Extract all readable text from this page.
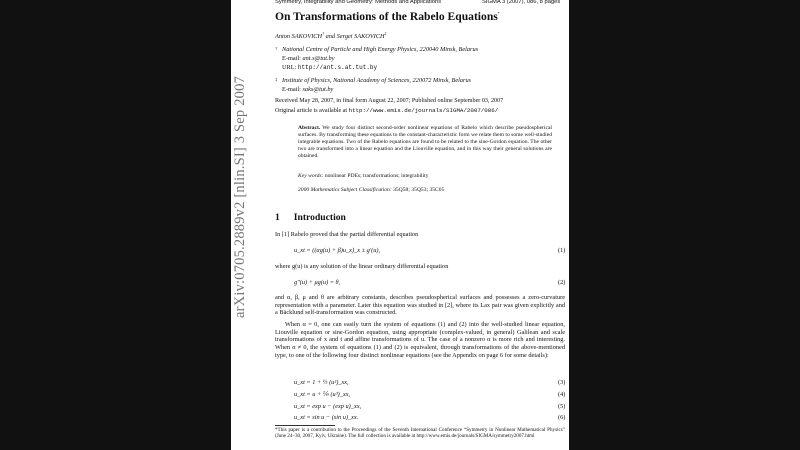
Symmetry, Integrability and Geometry: Methods and Applications	SIGMA 3 (2007), 086, 8 pages
On Transformations of the Rabelo Equations*
Anton SAKOVICH† and Sergei SAKOVICH‡
† National Centre of Particle and High Energy Physics, 220040 Minsk, Belarus
E-mail: ant.s@tut.by
URL: http://ant.s.at.tut.by
‡ Institute of Physics, National Academy of Sciences, 220072 Minsk, Belarus
E-mail: saks@tut.by
Received May 28, 2007, in final form August 22, 2007; Published online September 03, 2007
Original article is available at http://www.emis.de/journals/SIGMA/2007/086/
Abstract. We study four distinct second-order nonlinear equations of Rabelo which describe pseudospherical surfaces. By transforming these equations to the constant-characteristic form we relate them to some well-studied integrable equations. Two of the Rabelo equations are found to be related to the sine-Gordon equation. The other two are transformed into a linear equation and the Liouville equation, and in this way their general solutions are obtained.
Key words: nonlinear PDEs; transformations; integrability
2000 Mathematics Subject Classification: 35Q58; 35Q53; 35C05
1 Introduction
In [1] Rabelo proved that the partial differential equation
u_xt = ((αg(u) + β)u_x)_x ± g′(u),	(1)
where g(u) is any solution of the linear ordinary differential equation
g″(u) + μg(u) = θ,	(2)
and α, β, μ and θ are arbitrary constants, describes pseudospherical surfaces and possesses a zero-curvature representation with a parameter. Later this equation was studied in [2], where its Lax pair was given explicitly and a Bäcklund self-transformation was constructed.
When α = 0, one can easily turn the system of equations (1) and (2) into the well-studied linear equation, Liouville equation or sine-Gordon equation, using appropriate (complex-valued, in general) Galilean and scale transformations of x and t and affine transformations of u. The case of a nonzero α is more rich and interesting. When α ≠ 0, the system of equations (1) and (2) is equivalent, through transformations of the above-mentioned type, to one of the following four distinct nonlinear equations (see the Appendix on page 6 for some details):
u_xt = 1 + ½ (u²)_xx,	(3)
u_xt = u + ⅙ (u³)_xx,	(4)
u_xt = exp u − (exp u)_xx,	(5)
u_xt = sin u − (sin u)_xx.	(6)
*This paper is a contribution to the Proceedings of the Seventh International Conference “Symmetry in Nonlinear Mathematical Physics” (June 24–30, 2007, Kyiv, Ukraine). The full collection is available at http://www.emis.de/journals/SIGMA/symmetry2007.html
arXiv:0705.2889v2 [nlin.SI] 3 Sep 2007
